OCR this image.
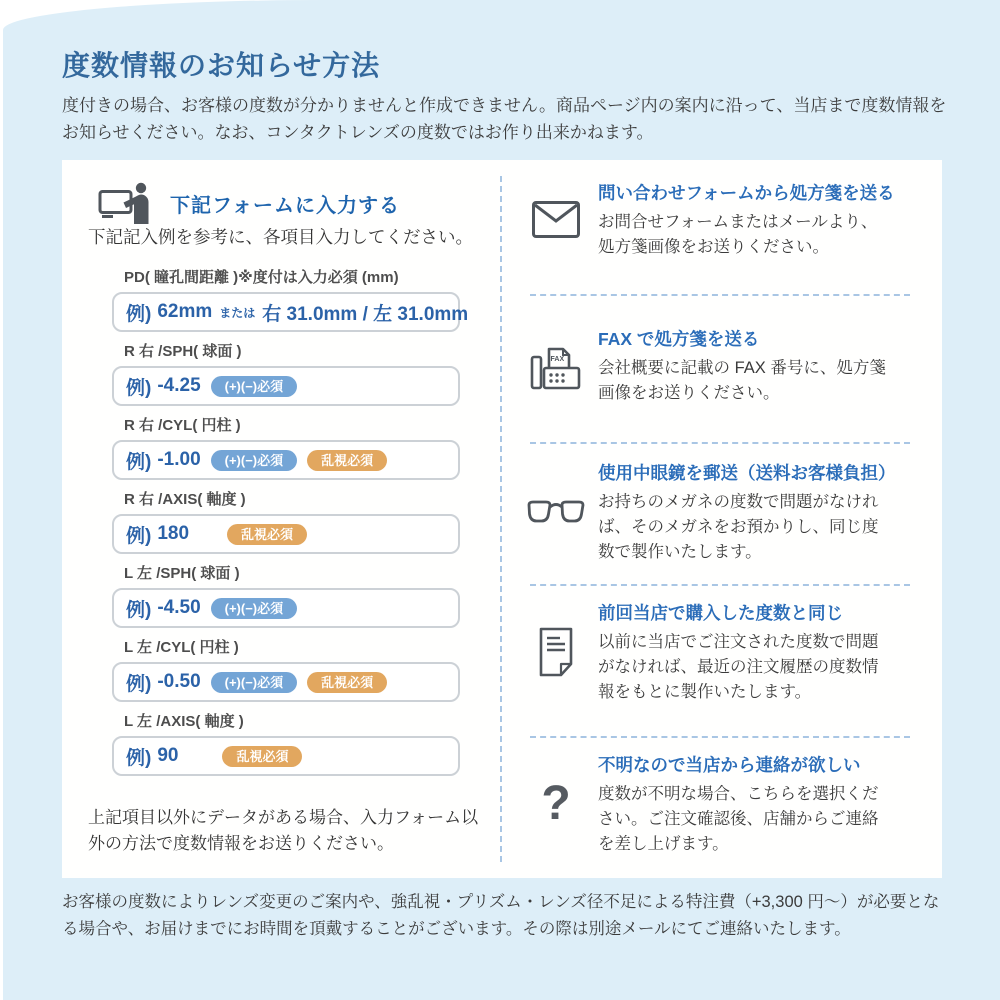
度数情報のお知らせ方法
度付きの場合、お客様の度数が分かりませんと作成できません。商品ページ内の案内に沿って、当店まで度数情報をお知らせください。なお、コンタクトレンズの度数ではお作り出来かねます。
下記フォームに入力する
下記記入例を参考に、各項目入力してください。
PD( 瞳孔間距離 )※度付は入力必須 (mm)
例) 62mm または 右 31.0mm / 左 31.0mm
R 右 /SPH( 球面 )
例) -4.25	(+)(−)必須
R 右 /CYL( 円柱 )
例) -1.00	(+)(−)必須	乱視必須
R 右 /AXIS( 軸度 )
例) 180	乱視必須
L 左 /SPH( 球面 )
例) -4.50	(+)(−)必須
L 左 /CYL( 円柱 )
例) -0.50	(+)(−)必須	乱視必須
L 左 /AXIS( 軸度 )
例) 90	乱視必須
上記項目以外にデータがある場合、入力フォーム以外の方法で度数情報をお送りください。
問い合わせフォームから処方箋を送る
お問合せフォームまたはメールより、処方箋画像をお送りください。
FAX
FAX で処方箋を送る
会社概要に記載の FAX 番号に、処方箋画像をお送りください。
使用中眼鏡を郵送（送料お客様負担）
お持ちのメガネの度数で問題がなければ、そのメガネをお預かりし、同じ度数で製作いたします。
前回当店で購入した度数と同じ
以前に当店でご注文された度数で問題がなければ、最近の注文履歴の度数情報をもとに製作いたします。
?
不明なので当店から連絡が欲しい
度数が不明な場合、こちらを選択ください。ご注文確認後、店舗からご連絡を差し上げます。
お客様の度数によりレンズ変更のご案内や、強乱視・プリズム・レンズ径不足による特注費（+3,300 円〜）が必要となる場合や、お届けまでにお時間を頂戴することがございます。その際は別途メールにてご連絡いたします。
